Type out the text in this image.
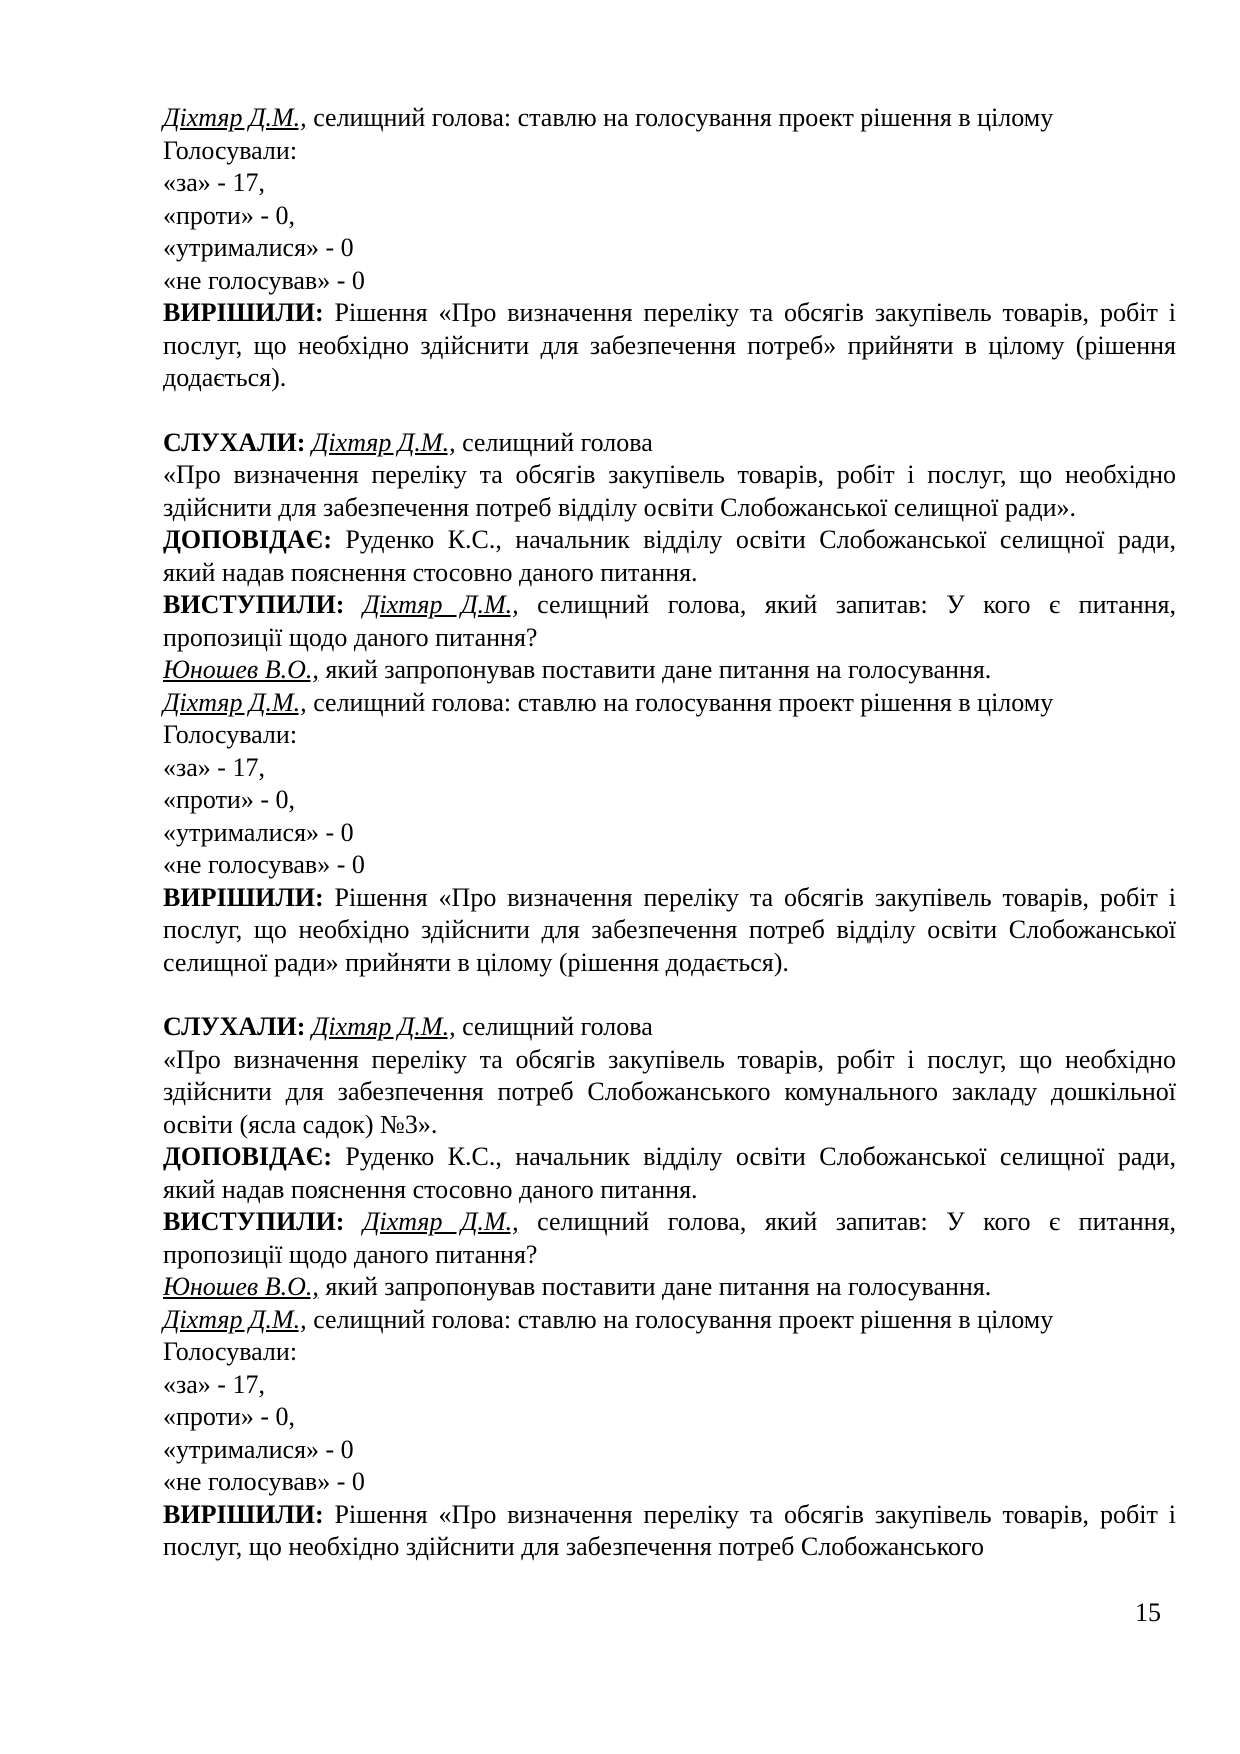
Діхтяр Д.М., селищний голова: ставлю на голосування проект рішення в цілому

Голосували:

«за» - 17,

«проти» - 0,

«утрималися» - 0

«не голосував» - 0

ВИРІШИЛИ: Рішення «Про визначення переліку та обсягів закупівель товарів, робіт і послуг, що необхідно здійснити для забезпечення потреб» прийняти в цілому (рішення додається).

СЛУХАЛИ: Діхтяр Д.М., селищний голова

«Про визначення переліку та обсягів закупівель товарів, робіт і послуг, що необхідно здійснити для забезпечення потреб відділу освіти Слобожанської селищної ради».

ДОПОВІДАЄ: Руденко К.С., начальник відділу освіти Слобожанської селищної ради, який надав пояснення стосовно даного питання.

ВИСТУПИЛИ: Діхтяр Д.М., селищний голова, який запитав: У кого є питання, пропозиції щодо даного питання?

Юношев В.О., який запропонував поставити дане питання на голосування.

Діхтяр Д.М., селищний голова: ставлю на голосування проект рішення в цілому

Голосували:

«за» - 17,

«проти» - 0,

«утрималися» - 0

«не голосував» - 0

ВИРІШИЛИ: Рішення «Про визначення переліку та обсягів закупівель товарів, робіт і послуг, що необхідно здійснити для забезпечення потреб відділу освіти Слобожанської селищної ради» прийняти в цілому (рішення додається).

СЛУХАЛИ: Діхтяр Д.М., селищний голова

«Про визначення переліку та обсягів закупівель товарів, робіт і послуг, що необхідно здійснити для забезпечення потреб Слобожанського комунального закладу дошкільної освіти (ясла садок) №3».

ДОПОВІДАЄ: Руденко К.С., начальник відділу освіти Слобожанської селищної ради, який надав пояснення стосовно даного питання.

ВИСТУПИЛИ: Діхтяр Д.М., селищний голова, який запитав: У кого є питання, пропозиції щодо даного питання?

Юношев В.О., який запропонував поставити дане питання на голосування.

Діхтяр Д.М., селищний голова: ставлю на голосування проект рішення в цілому

Голосували:

«за» - 17,

«проти» - 0,

«утрималися» - 0

«не голосував» - 0

ВИРІШИЛИ: Рішення «Про визначення переліку та обсягів закупівель товарів, робіт і послуг, що необхідно здійснити для забезпечення потреб Слобожанського

15
